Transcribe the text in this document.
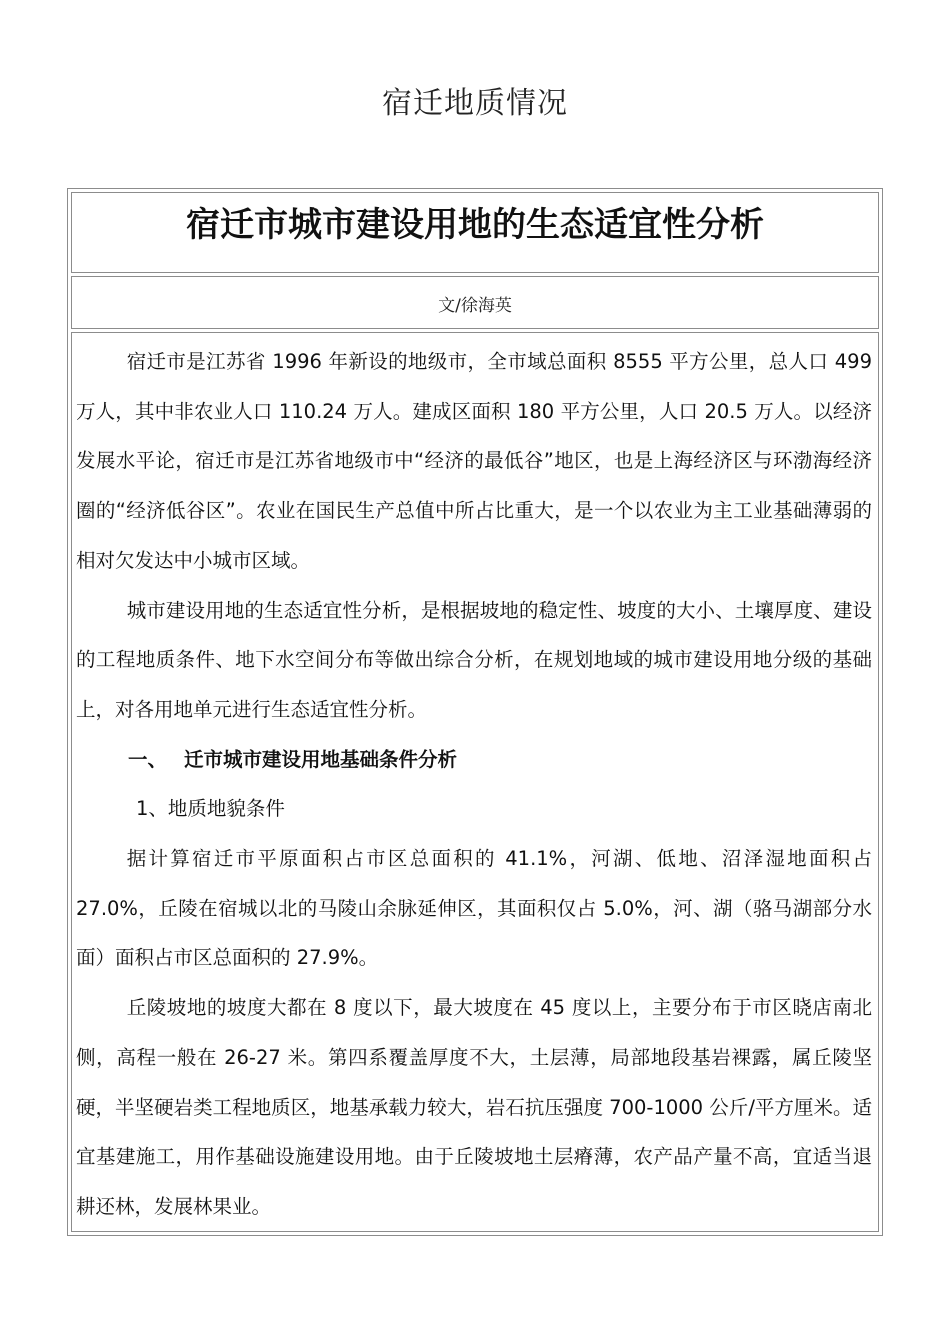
宿迁地质情况
宿迁市城市建设用地的生态适宜性分析
文/徐海英

宿迁市是江苏省 1996 年新设的地级市，全市域总面积 8555 平方公里，总人口 499 万人，其中非农业人口 110.24 万人。建成区面积 180 平方公里，人口 20.5 万人。以经济发展水平论，宿迁市是江苏省地级市中“经济的最低谷”地区，也是上海经济区与环渤海经济圈的“经济低谷区”。农业在国民生产总值中所占比重大，是一个以农业为主工业基础薄弱的相对欠发达中小城市区域。

城市建设用地的生态适宜性分析，是根据坡地的稳定性、坡度的大小、土壤厚度、建设的工程地质条件、地下水空间分布等做出综合分析，在规划地域的城市建设用地分级的基础上，对各用地单元进行生态适宜性分析。

一、 迁市城市建设用地基础条件分析

1、地质地貌条件

据计算宿迁市平原面积占市区总面积的 41.1%，河湖、低地、沼泽湿地面积占 27.0%，丘陵在宿城以北的马陵山余脉延伸区，其面积仅占 5.0%，河、湖（骆马湖部分水面）面积占市区总面积的 27.9%。

丘陵坡地的坡度大都在 8 度以下，最大坡度在 45 度以上，主要分布于市区晓店南北侧，高程一般在 26-27 米。第四系覆盖厚度不大，土层薄，局部地段基岩裸露，属丘陵坚硬，半坚硬岩类工程地质区，地基承载力较大，岩石抗压强度 700-1000 公斤/平方厘米。适宜基建施工，用作基础设施建设用地。由于丘陵坡地土层瘠薄，农产品产量不高，宜适当退耕还林，发展林果业。
